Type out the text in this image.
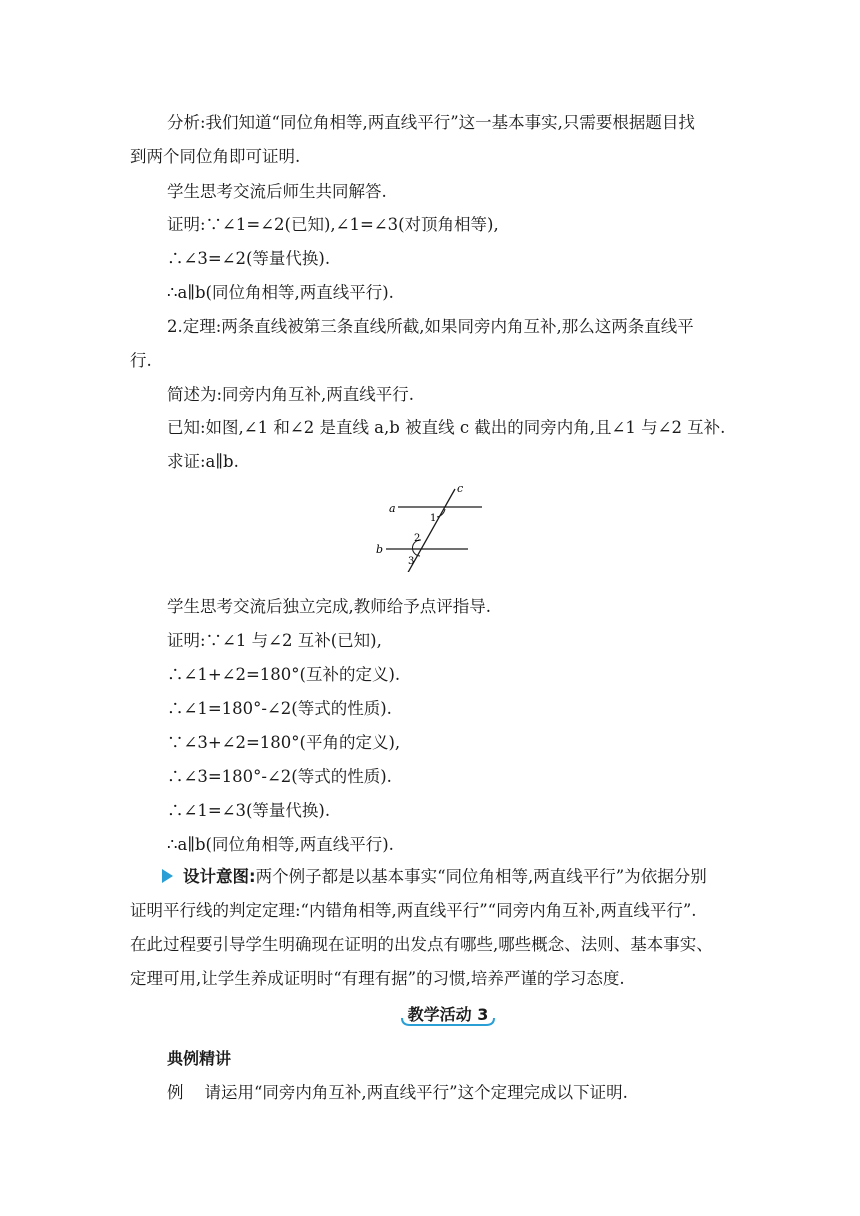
分析:我们知道“同位角相等,两直线平行”这一基本事实,只需要根据题目找
到两个同位角即可证明.
学生思考交流后师生共同解答.
证明:∵∠1=∠2(已知),∠1=∠3(对顶角相等),
∴∠3=∠2(等量代换).
∴a∥b(同位角相等,两直线平行).
2.定理:两条直线被第三条直线所截,如果同旁内角互补,那么这两条直线平
行.
简述为:同旁内角互补,两直线平行.
已知:如图,∠1 和∠2 是直线 a,b 被直线 c 截出的同旁内角,且∠1 与∠2 互补.
求证:a∥b.
a
b
c
1
2
3
学生思考交流后独立完成,教师给予点评指导.
证明:∵∠1 与∠2 互补(已知),
∴∠1+∠2=180°(互补的定义).
∴∠1=180°-∠2(等式的性质).
∵∠3+∠2=180°(平角的定义),
∴∠3=180°-∠2(等式的性质).
∴∠1=∠3(等量代换).
∴a∥b(同位角相等,两直线平行).
设计意图:两个例子都是以基本事实“同位角相等,两直线平行”为依据分别
证明平行线的判定定理:“内错角相等,两直线平行”“同旁内角互补,两直线平行”.
在此过程要引导学生明确现在证明的出发点有哪些,哪些概念、法则、基本事实、
定理可用,让学生养成证明时“有理有据”的习惯,培养严谨的学习态度.
教学活动 3
典例精讲
例    请运用“同旁内角互补,两直线平行”这个定理完成以下证明.
